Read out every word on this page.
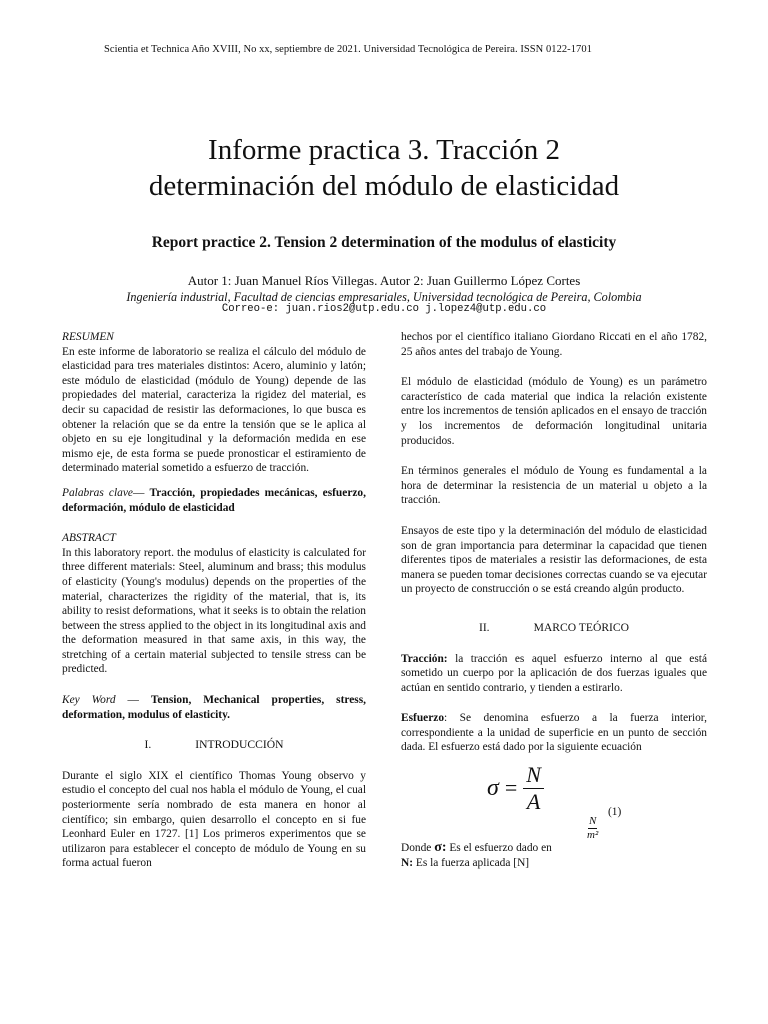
Scientia et Technica Año XVIII, No xx, septiembre de 2021. Universidad Tecnológica de Pereira. ISSN 0122-1701
Informe practica 3. Tracción 2
determinación del módulo de elasticidad
Report practice 2. Tension 2 determination of the modulus of elasticity
Autor 1: Juan Manuel Ríos Villegas. Autor 2: Juan Guillermo López Cortes
Ingeniería industrial, Facultad de ciencias empresariales, Universidad tecnológica de Pereira, Colombia
Correo-e: juan.rios2@utp.edu.co j.lopez4@utp.edu.co

RESUMEN

En este informe de laboratorio se realiza el cálculo del módulo de elasticidad para tres materiales distintos: Acero, aluminio y latón; este módulo de elasticidad (módulo de Young) depende de las propiedades del material, caracteriza la rigidez del material, es decir su capacidad de resistir las deformaciones, lo que busca es obtener la relación que se da entre la tensión que se le aplica al objeto en su eje longitudinal y la deformación medida en ese mismo eje, de esta forma se puede pronosticar el estiramiento de determinado material sometido a esfuerzo de tracción.

Palabras clave— Tracción, propiedades mecánicas, esfuerzo, deformación, módulo de elasticidad

ABSTRACT

In this laboratory report. the modulus of elasticity is calculated for three different materials: Steel, aluminum and brass; this modulus of elasticity (Young's modulus) depends on the properties of the material, characterizes the rigidity of the material, that is, its ability to resist deformations, what it seeks is to obtain the relation between the stress applied to the object in its longitudinal axis and the deformation measured in that same axis, in this way, the stretching of a certain material subjected to tensile stress can be predicted.

Key Word — Tension, Mechanical properties, stress, deformation, modulus of elasticity.

I.	INTRODUCCIÓN

Durante el siglo XIX el científico Thomas Young observo y estudio el concepto del cual nos habla el módulo de Young, el cual posteriormente sería nombrado de esta manera en honor al científico; sin embargo, quien desarrollo el concepto en si fue Leonhard Euler en 1727. [1] Los primeros experimentos que se utilizaron para establecer el concepto de módulo de Young en su forma actual fueron

hechos por el científico italiano Giordano Riccati en el año 1782, 25 años antes del trabajo de Young.

El módulo de elasticidad (módulo de Young) es un parámetro característico de cada material que indica la relación existente entre los incrementos de tensión aplicados en el ensayo de tracción y los incrementos de deformación longitudinal unitaria producidos.

En términos generales el módulo de Young es fundamental a la hora de determinar la resistencia de un material u objeto a la tracción.

Ensayos de este tipo y la determinación del módulo de elasticidad son de gran importancia para determinar la capacidad que tienen diferentes tipos de materiales a resistir las deformaciones, de esta manera se pueden tomar decisiones correctas cuando se va ejecutar un proyecto de construcción o se está creando algún producto.

II.	MARCO TEÓRICO

Tracción: la tracción es aquel esfuerzo interno al que está sometido un cuerpo por la aplicación de dos fuerzas iguales que actúan en sentido contrario, y tienden a estirarlo.

Esfuerzo: Se denomina esfuerzo a la fuerza interior, correspondiente a la unidad de superficie en un punto de sección dada. El esfuerzo está dado por la siguiente ecuación

$\sigma = \frac{N}{A}$	(1)

Donde σ: Es el esfuerzo dado en
$\frac{N}{\text{m²}}$

N: Es la fuerza aplicada [N]
